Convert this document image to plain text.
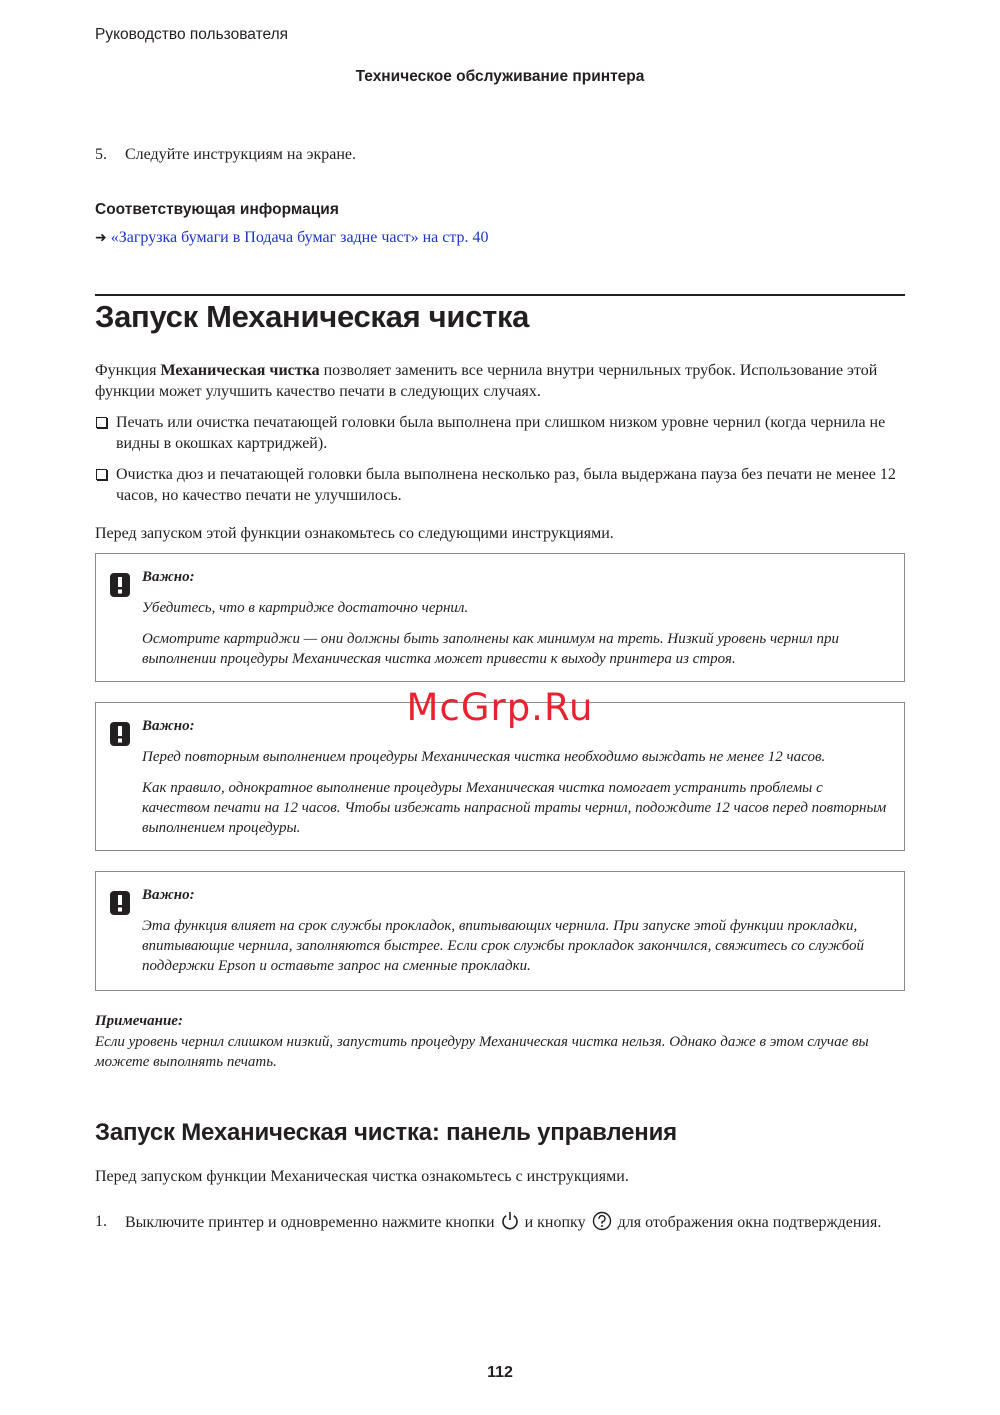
Руководство пользователя
Техническое обслуживание принтера
5. Следуйте инструкциям на экране.
Соответствующая информация
➜ «Загрузка бумаги в Подача бумаг задне част» на стр. 40
Запуск Механическая чистка
Функция Механическая чистка позволяет заменить все чернила внутри чернильных трубок. Использование этой функции может улучшить качество печати в следующих случаях.
Печать или очистка печатающей головки была выполнена при слишком низком уровне чернил (когда чернила не видны в окошках картриджей).
Очистка дюз и печатающей головки была выполнена несколько раз, была выдержана пауза без печати не менее 12 часов, но качество печати не улучшилось.
Перед запуском этой функции ознакомьтесь со следующими инструкциями.
Важно:
Убедитесь, что в картридже достаточно чернил.
Осмотрите картриджи — они должны быть заполнены как минимум на треть. Низкий уровень чернил при выполнении процедуры Механическая чистка может привести к выходу принтера из строя.
Важно:
Перед повторным выполнением процедуры Механическая чистка необходимо выждать не менее 12 часов.
Как правило, однократное выполнение процедуры Механическая чистка помогает устранить проблемы с качеством печати на 12 часов. Чтобы избежать напрасной траты чернил, подождите 12 часов перед повторным выполнением процедуры.
Важно:
Эта функция влияет на срок службы прокладок, впитывающих чернила. При запуске этой функции прокладки, впитывающие чернила, заполняются быстрее. Если срок службы прокладок закончился, свяжитесь со службой поддержки Epson и оставьте запрос на сменные прокладки.
McGrp.Ru
Примечание:
Если уровень чернил слишком низкий, запустить процедуру Механическая чистка нельзя. Однако даже в этом случае вы можете выполнять печать.
Запуск Механическая чистка: панель управления
Перед запуском функции Механическая чистка ознакомьтесь с инструкциями.
1. Выключите принтер и одновременно нажмите кнопки и кнопку для отображения окна подтверждения.
112
